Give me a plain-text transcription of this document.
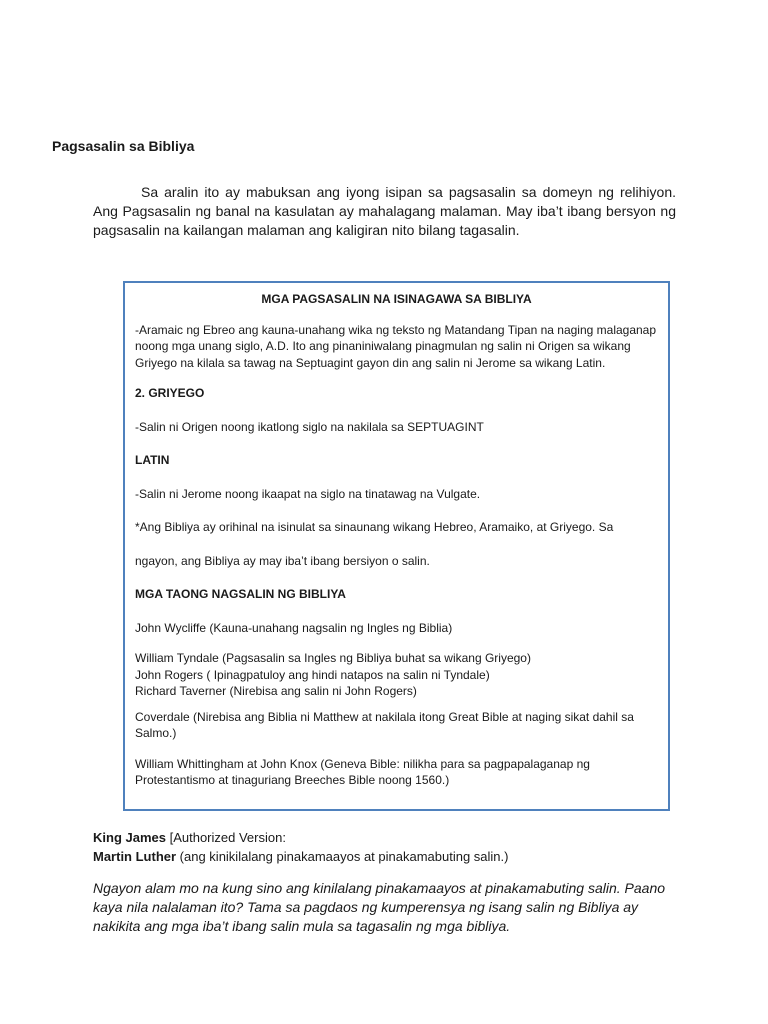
Pagsasalin sa Bibliya

Sa aralin ito ay mabuksan ang iyong isipan sa pagsasalin sa domeyn ng relihiyon. Ang Pagsasalin ng banal na kasulatan ay mahalagang malaman. May iba’t ibang bersyon ng pagsasalin na kailangan malaman ang kaligiran nito bilang tagasalin.

MGA PAGSASALIN NA ISINAGAWA SA BIBLIYA

-Aramaic ng Ebreo ang kauna-unahang wika ng teksto ng Matandang Tipan na naging malaganap noong mga unang siglo, A.D. Ito ang pinaniniwalang pinagmulan ng salin ni Origen sa wikang Griyego na kilala sa tawag na Septuagint gayon din ang salin ni Jerome sa wikang Latin.

2. GRIYEGO

-Salin ni Origen noong ikatlong siglo na nakilala sa SEPTUAGINT

LATIN

-Salin ni Jerome noong ikaapat na siglo na tinatawag na Vulgate.

*Ang Bibliya ay orihinal na isinulat sa sinaunang wikang Hebreo, Aramaiko, at Griyego. Sa

ngayon, ang Bibliya ay may iba’t ibang bersiyon o salin.

MGA TAONG NAGSALIN NG BIBLIYA

John Wycliffe (Kauna-unahang nagsalin ng Ingles ng Biblia)

William Tyndale (Pagsasalin sa Ingles ng Bibliya buhat sa wikang Griyego)

John Rogers ( Ipinagpatuloy ang hindi natapos na salin ni Tyndale)

Richard Taverner (Nirebisa ang salin ni John Rogers)

Coverdale (Nirebisa ang Biblia ni Matthew at nakilala itong Great Bible at naging sikat dahil sa Salmo.)

William Whittingham at John Knox (Geneva Bible: nilikha para sa pagpapalaganap ng Protestantismo at tinaguriang Breeches Bible noong 1560.)

King James [Authorized Version:
Martin Luther (ang kinikilalang pinakamaayos at pinakamabuting salin.)

Ngayon alam mo na kung sino ang kinilalang pinakamaayos at pinakamabuting salin. Paano kaya nila nalalaman ito? Tama sa pagdaos ng kumperensya ng isang salin ng Bibliya ay nakikita ang mga iba’t ibang salin mula sa tagasalin ng mga bibliya.
